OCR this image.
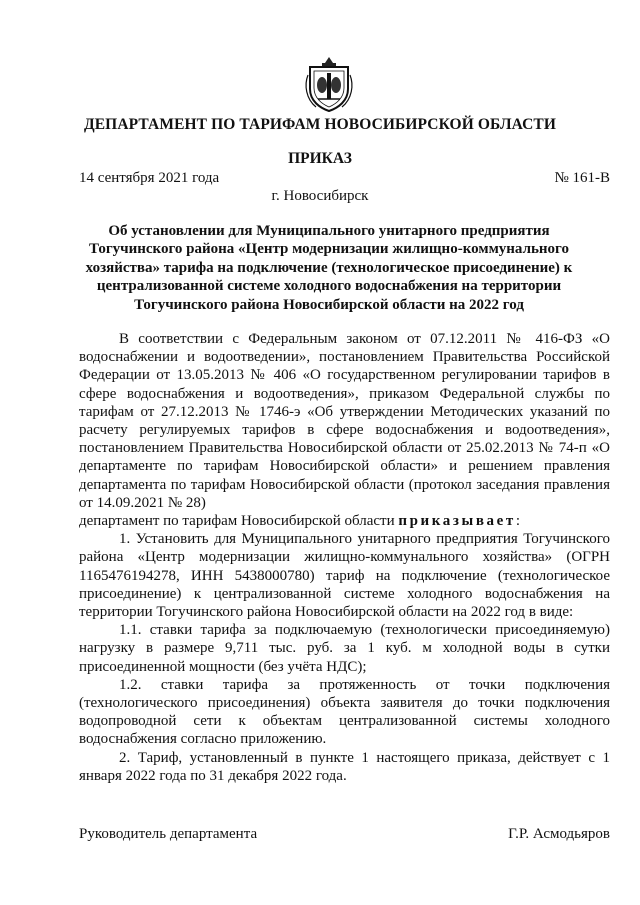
ДЕПАРТАМЕНТ ПО ТАРИФАМ НОВОСИБИРСКОЙ ОБЛАСТИ
ПРИКАЗ
14 сентября 2021 года	№ 161-В
г. Новосибирск

Об установлении для Муниципального унитарного предприятия

Тогучинского района «Центр модернизации жилищно-коммунального

хозяйства» тарифа на подключение (технологическое присоединение) к

централизованной системе холодного водоснабжения на территории

Тогучинского района Новосибирской области на 2022 год

В соответствии с Федеральным законом от 07.12.2011 № 416-ФЗ «О водоснабжении и водоотведении», постановлением Правительства Российской Федерации от 13.05.2013 № 406 «О государственном регулировании тарифов в сфере водоснабжения и водоотведения», приказом Федеральной службы по тарифам от 27.12.2013 № 1746-э «Об утверждении Методических указаний по расчету регулируемых тарифов в сфере водоснабжения и водоотведения», постановлением Правительства Новосибирской области от 25.02.2013 № 74-п «О департаменте по тарифам Новосибирской области» и решением правления департамента по тарифам Новосибирской области (протокол заседания правления от 14.09.2021 № 28)

департамент по тарифам Новосибирской области приказывает:

1. Установить для Муниципального унитарного предприятия Тогучинского района «Центр модернизации жилищно-коммунального хозяйства» (ОГРН 1165476194278, ИНН 5438000780) тариф на подключение (технологическое присоединение) к централизованной системе холодного водоснабжения на территории Тогучинского района Новосибирской области на 2022 год в виде:

1.1. ставки тарифа за подключаемую (технологически присоединяемую) нагрузку в размере 9,711 тыс. руб. за 1 куб. м холодной воды в сутки присоединенной мощности (без учёта НДС);

1.2. ставки тарифа за протяженность от точки подключения (технологического присоединения) объекта заявителя до точки подключения водопроводной сети к объектам централизованной системы холодного водоснабжения согласно приложению.

2. Тариф, установленный в пункте 1 настоящего приказа, действует с 1 января 2022 года по 31 декабря 2022 года.

Руководитель департамента	Г.Р. Асмодьяров
